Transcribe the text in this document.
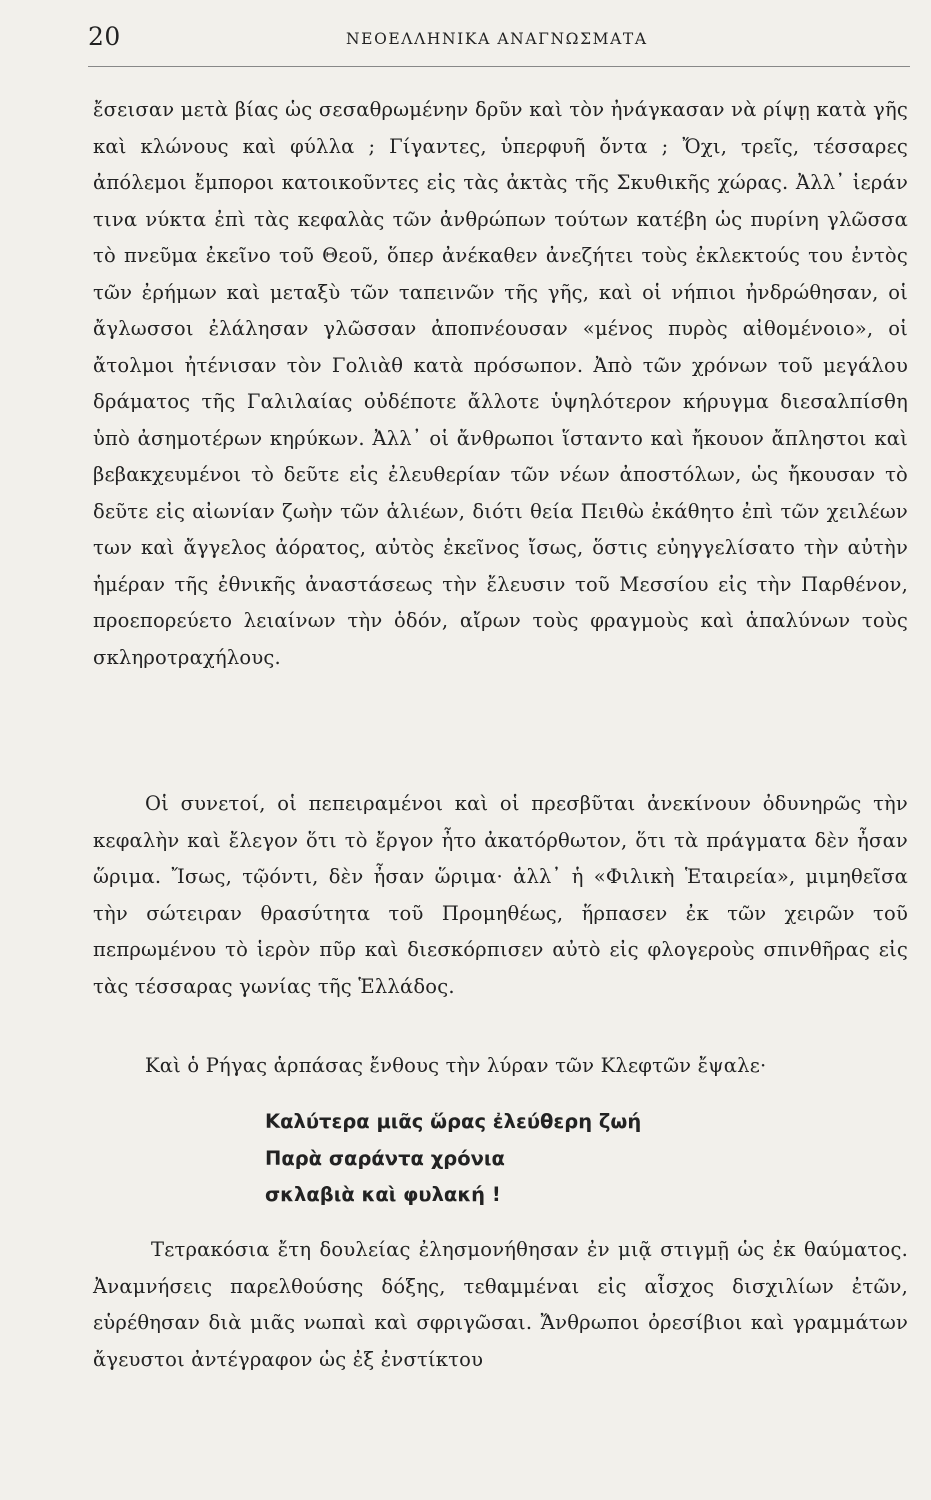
20	ΝΕΟΕΛΛΗΝΙΚΑ ΑΝΑΓΝΩΣΜΑΤΑ
ἔσεισαν μετὰ βίας ὡς σεσαθρωμένην δρῦν καὶ τὸν ἠνάγκασαν νὰ ρίψῃ κατὰ γῆς καὶ κλώνους καὶ φύλλα ; Γίγαντες, ὑπερφυῆ ὄντα ; Ὄχι, τρεῖς, τέσσαρες ἀπόλεμοι ἔμποροι κατοικοῦντες εἰς τὰς ἀκτὰς τῆς Σκυθικῆς χώρας. Ἀλλ᾽ ἱεράν τινα νύκτα ἐπὶ τὰς κεφαλὰς τῶν ἀνθρώπων τούτων κατέβη ὡς πυρίνη γλῶσσα τὸ πνεῦμα ἐκεῖνο τοῦ Θεοῦ, ὅπερ ἀνέκαθεν ἀνεζήτει τοὺς ἐκλεκτούς του ἐντὸς τῶν ἐρήμων καὶ μεταξὺ τῶν ταπεινῶν τῆς γῆς, καὶ οἱ νήπιοι ἠνδρώθησαν, οἱ ἄγλωσσοι ἐλάλησαν γλῶσσαν ἀποπνέουσαν «μένος πυρὸς αἰθομένοιο», οἱ ἄτολμοι ἠτένισαν τὸν Γολιὰθ κατὰ πρόσωπον. Ἀπὸ τῶν χρόνων τοῦ μεγάλου δράματος τῆς Γαλιλαίας οὐδέποτε ἄλλοτε ὑψηλότερον κήρυγμα διεσαλπίσθη ὑπὸ ἀσημοτέρων κηρύκων. Ἀλλ᾽ οἱ ἄνθρωποι ἵσταντο καὶ ἤκουον ἄπληστοι καὶ βεβακχευμένοι τὸ δεῦτε εἰς ἐλευθερίαν τῶν νέων ἀποστόλων, ὡς ἤκουσαν τὸ δεῦτε εἰς αἰωνίαν ζωὴν τῶν ἁλιέων, διότι θεία Πειθὼ ἐκάθητο ἐπὶ τῶν χειλέων των καὶ ἄγγελος ἀόρατος, αὐτὸς ἐκεῖνος ἴσως, ὅστις εὐηγγελίσατο τὴν αὐτὴν ἡμέραν τῆς ἐθνικῆς ἀναστάσεως τὴν ἔλευσιν τοῦ Μεσσίου εἰς τὴν Παρθένον, προεπορεύετο λειαίνων τὴν ὁδόν, αἴρων τοὺς φραγμοὺς καὶ ἁπαλύνων τοὺς σκληροτραχήλους.
Οἱ συνετοί, οἱ πεπειραμένοι καὶ οἱ πρεσβῦται ἀνεκίνουν ὀδυνηρῶς τὴν κεφαλὴν καὶ ἔλεγον ὅτι τὸ ἔργον ἦτο ἀκατόρθωτον, ὅτι τὰ πράγματα δὲν ἦσαν ὥριμα. Ἴσως, τῷόντι, δὲν ἦσαν ὥριμα· ἀλλ᾽ ἡ «Φιλικὴ Ἑταιρεία», μιμηθεῖσα τὴν σώτειραν θρασύτητα τοῦ Προμηθέως, ἥρπασεν ἐκ τῶν χειρῶν τοῦ πεπρωμένου τὸ ἱερὸν πῦρ καὶ διεσκόρπισεν αὐτὸ εἰς φλογεροὺς σπινθῆρας εἰς τὰς τέσσαρας γωνίας τῆς Ἑλλάδος.
Καὶ ὁ Ρήγας ἁρπάσας ἔνθους τὴν λύραν τῶν Κλεφτῶν ἔψαλε·
Καλύτερα μιᾶς ὥρας ἐλεύθερη ζωή
Παρὰ σαράντα χρόνια
σκλαβιὰ καὶ φυλακή !
Τετρακόσια ἔτη δουλείας ἐλησμονήθησαν ἐν μιᾷ στιγμῇ ὡς ἐκ θαύματος. Ἀναμνήσεις παρελθούσης δόξης, τεθαμμέναι εἰς αἶσχος δισχιλίων ἐτῶν, εὑρέθησαν διὰ μιᾶς νωπαὶ καὶ σφριγῶσαι. Ἄνθρωποι ὀρεσίβιοι καὶ γραμμάτων ἄγευστοι ἀντέγραφον ὡς ἐξ ἐνστίκτου
